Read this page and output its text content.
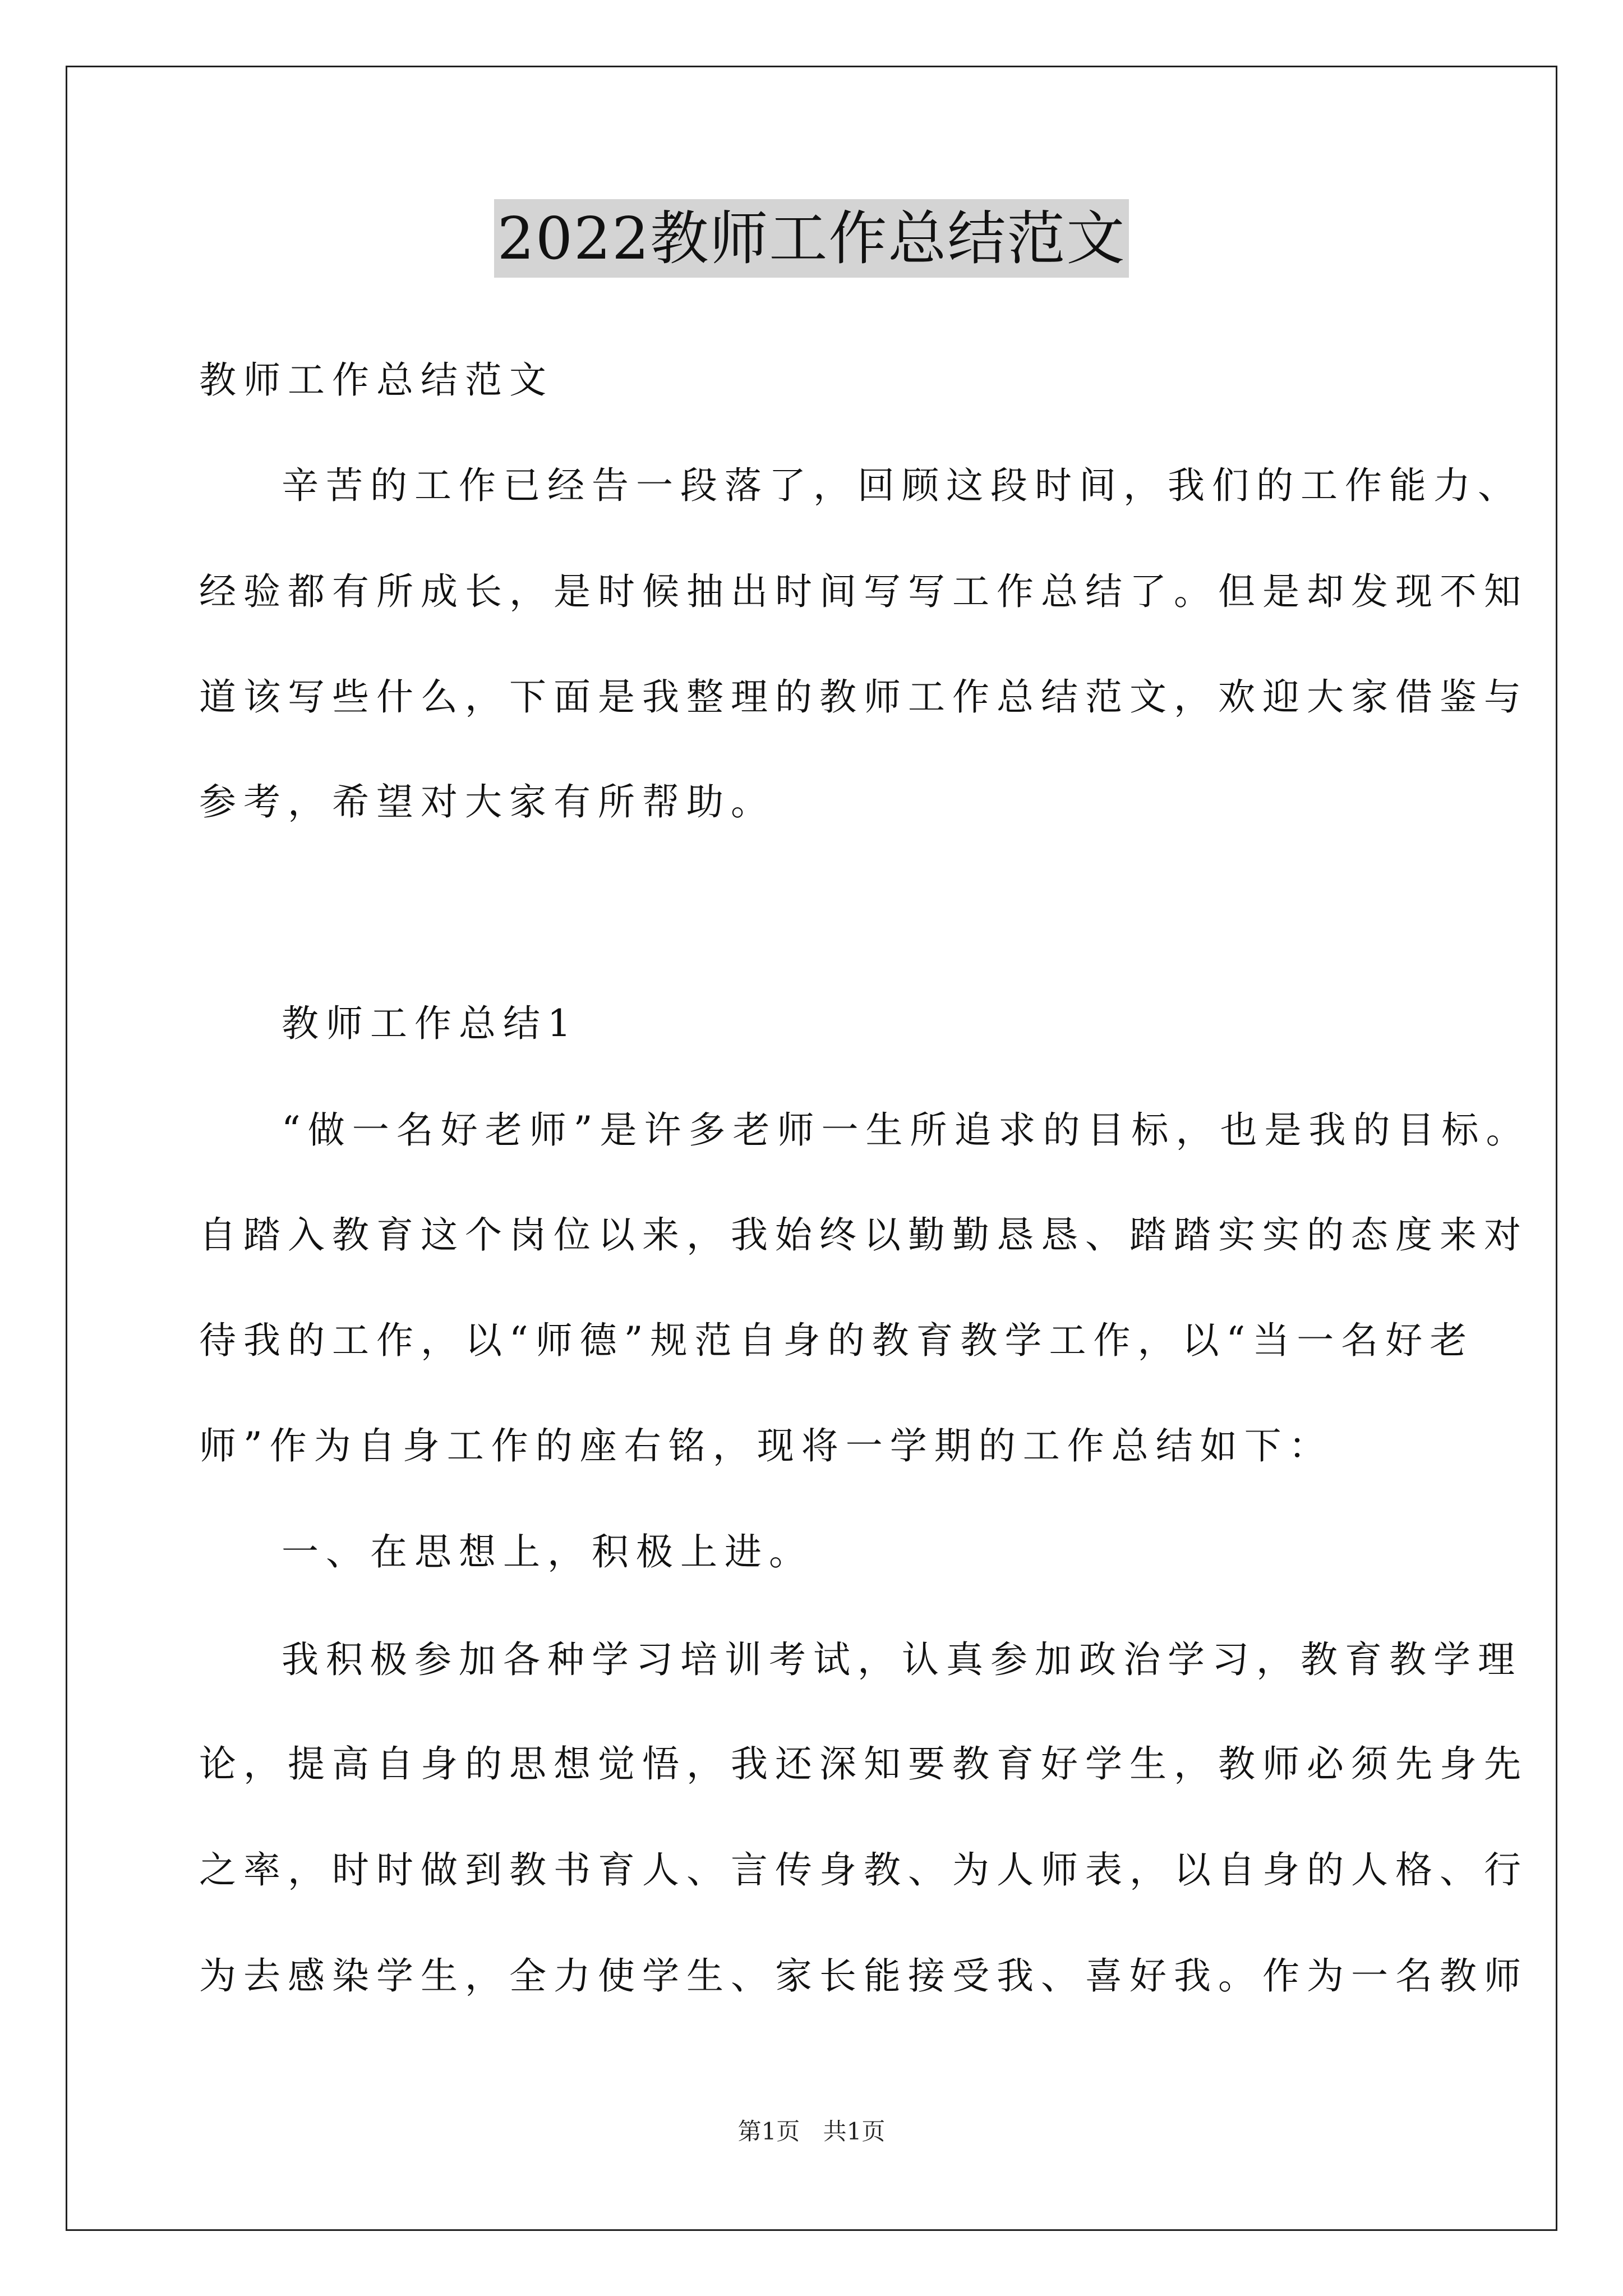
2022教师工作总结范文
教师工作总结范文
辛苦的工作已经告一段落了，回顾这段时间，我们的工作能力、
经验都有所成长，是时候抽出时间写写工作总结了。但是却发现不知
道该写些什么，下面是我整理的教师工作总结范文，欢迎大家借鉴与
参考，希望对大家有所帮助。
教师工作总结1
“做一名好老师”是许多老师一生所追求的目标，也是我的目标。
自踏入教育这个岗位以来，我始终以勤勤恳恳、踏踏实实的态度来对
待我的工作，以“师德”规范自身的教育教学工作，以“当一名好老
师”作为自身工作的座右铭，现将一学期的工作总结如下：
一、在思想上，积极上进。
我积极参加各种学习培训考试，认真参加政治学习，教育教学理
论，提高自身的思想觉悟，我还深知要教育好学生，教师必须先身先
之率，时时做到教书育人、言传身教、为人师表，以自身的人格、行
为去感染学生，全力使学生、家长能接受我、喜好我。作为一名教师
第1页 共1页
